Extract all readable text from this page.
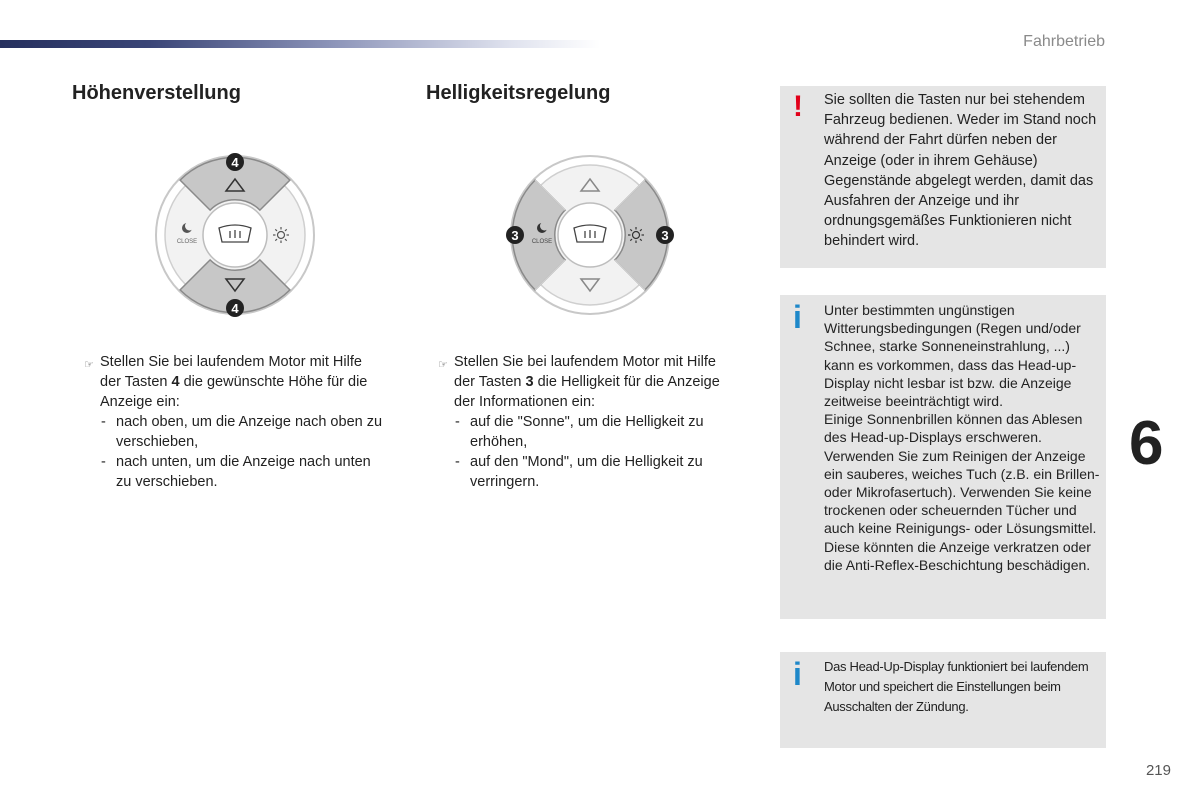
Fahrbetrieb
Höhenverstellung	Helligkeitsregelung
CLOSE
4
4
CLOSE
3	3
☞ Stellen Sie bei laufendem Motor mit Hilfe der Tasten 4 die gewünschte Höhe für die Anzeige ein:
- nach oben, um die Anzeige nach oben zu verschieben,
- nach unten, um die Anzeige nach unten zu verschieben.
☞ Stellen Sie bei laufendem Motor mit Hilfe der Tasten 3 die Helligkeit für die Anzeige der Informationen ein:
- auf die "Sonne", um die Helligkeit zu erhöhen,
- auf den "Mond", um die Helligkeit zu verringern.
! Sie sollten die Tasten nur bei stehendem Fahrzeug bedienen. Weder im Stand noch während der Fahrt dürfen neben der Anzeige (oder in ihrem Gehäuse) Gegenstände abgelegt werden, damit das Ausfahren der Anzeige und ihr ordnungsgemäßes Funktionieren nicht behindert wird.
i Unter bestimmten ungünstigen Witterungsbedingungen (Regen und/oder Schnee, starke Sonneneinstrahlung, ...) kann es vorkommen, dass das Head-up-Display nicht lesbar ist bzw. die Anzeige zeitweise beeinträchtigt wird.
Einige Sonnenbrillen können das Ablesen des Head-up-Displays erschweren.
Verwenden Sie zum Reinigen der Anzeige ein sauberes, weiches Tuch (z.B. ein Brillen- oder Mikrofasertuch). Verwenden Sie keine trockenen oder scheuernden Tücher und auch keine Reinigungs- oder Lösungsmittel. Diese könnten die Anzeige verkratzen oder die Anti-Reflex-Beschichtung beschädigen.
i Das Head-Up-Display funktioniert bei laufendem Motor und speichert die Einstellungen beim Ausschalten der Zündung.
6
219
